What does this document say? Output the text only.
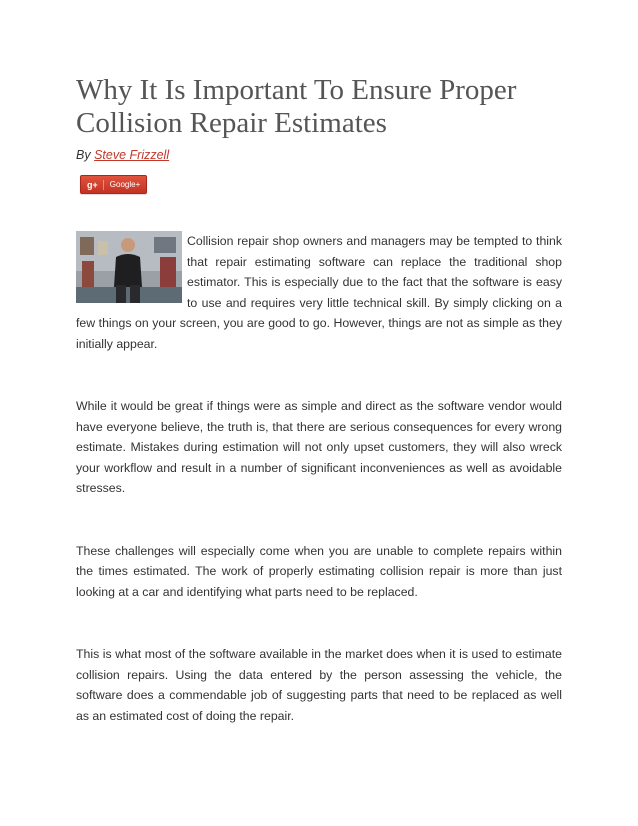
Why It Is Important To Ensure Proper Collision Repair Estimates
By Steve Frizzell
g+	Google+

Collision repair shop owners and managers may be tempted to think that repair estimating software can replace the traditional shop estimator. This is especially due to the fact that the software is easy to use and requires very little technical skill. By simply clicking on a few things on your screen, you are good to go. However, things are not as simple as they initially appear.

While it would be great if things were as simple and direct as the software vendor would have everyone believe, the truth is, that there are serious consequences for every wrong estimate. Mistakes during estimation will not only upset customers, they will also wreck your workflow and result in a number of significant inconveniences as well as avoidable stresses.

These challenges will especially come when you are unable to complete repairs within the times estimated. The work of properly estimating collision repair is more than just looking at a car and identifying what parts need to be replaced.

This is what most of the software available in the market does when it is used to estimate collision repairs. Using the data entered by the person assessing the vehicle, the software does a commendable job of suggesting parts that need to be replaced as well as an estimated cost of doing the repair.
